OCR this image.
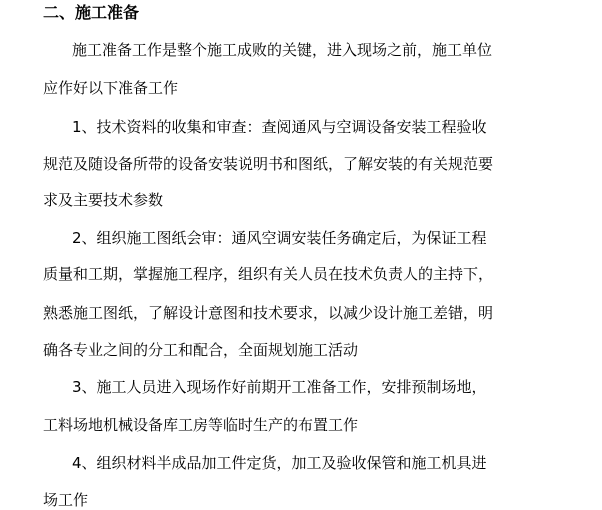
二、施工准备
施工准备工作是整个施工成败的关键，进入现场之前，施工单位
应作好以下准备工作
1、技术资料的收集和审查：查阅通风与空调设备安装工程验收
规范及随设备所带的设备安装说明书和图纸，了解安装的有关规范要
求及主要技术参数
2、组织施工图纸会审：通风空调安装任务确定后，为保证工程
质量和工期，掌握施工程序，组织有关人员在技术负责人的主持下，
熟悉施工图纸，了解设计意图和技术要求，以减少设计施工差错，明
确各专业之间的分工和配合，全面规划施工活动
3、施工人员进入现场作好前期开工准备工作，安排预制场地，
工料场地机械设备库工房等临时生产的布置工作
4、组织材料半成品加工件定货，加工及验收保管和施工机具进
场工作
